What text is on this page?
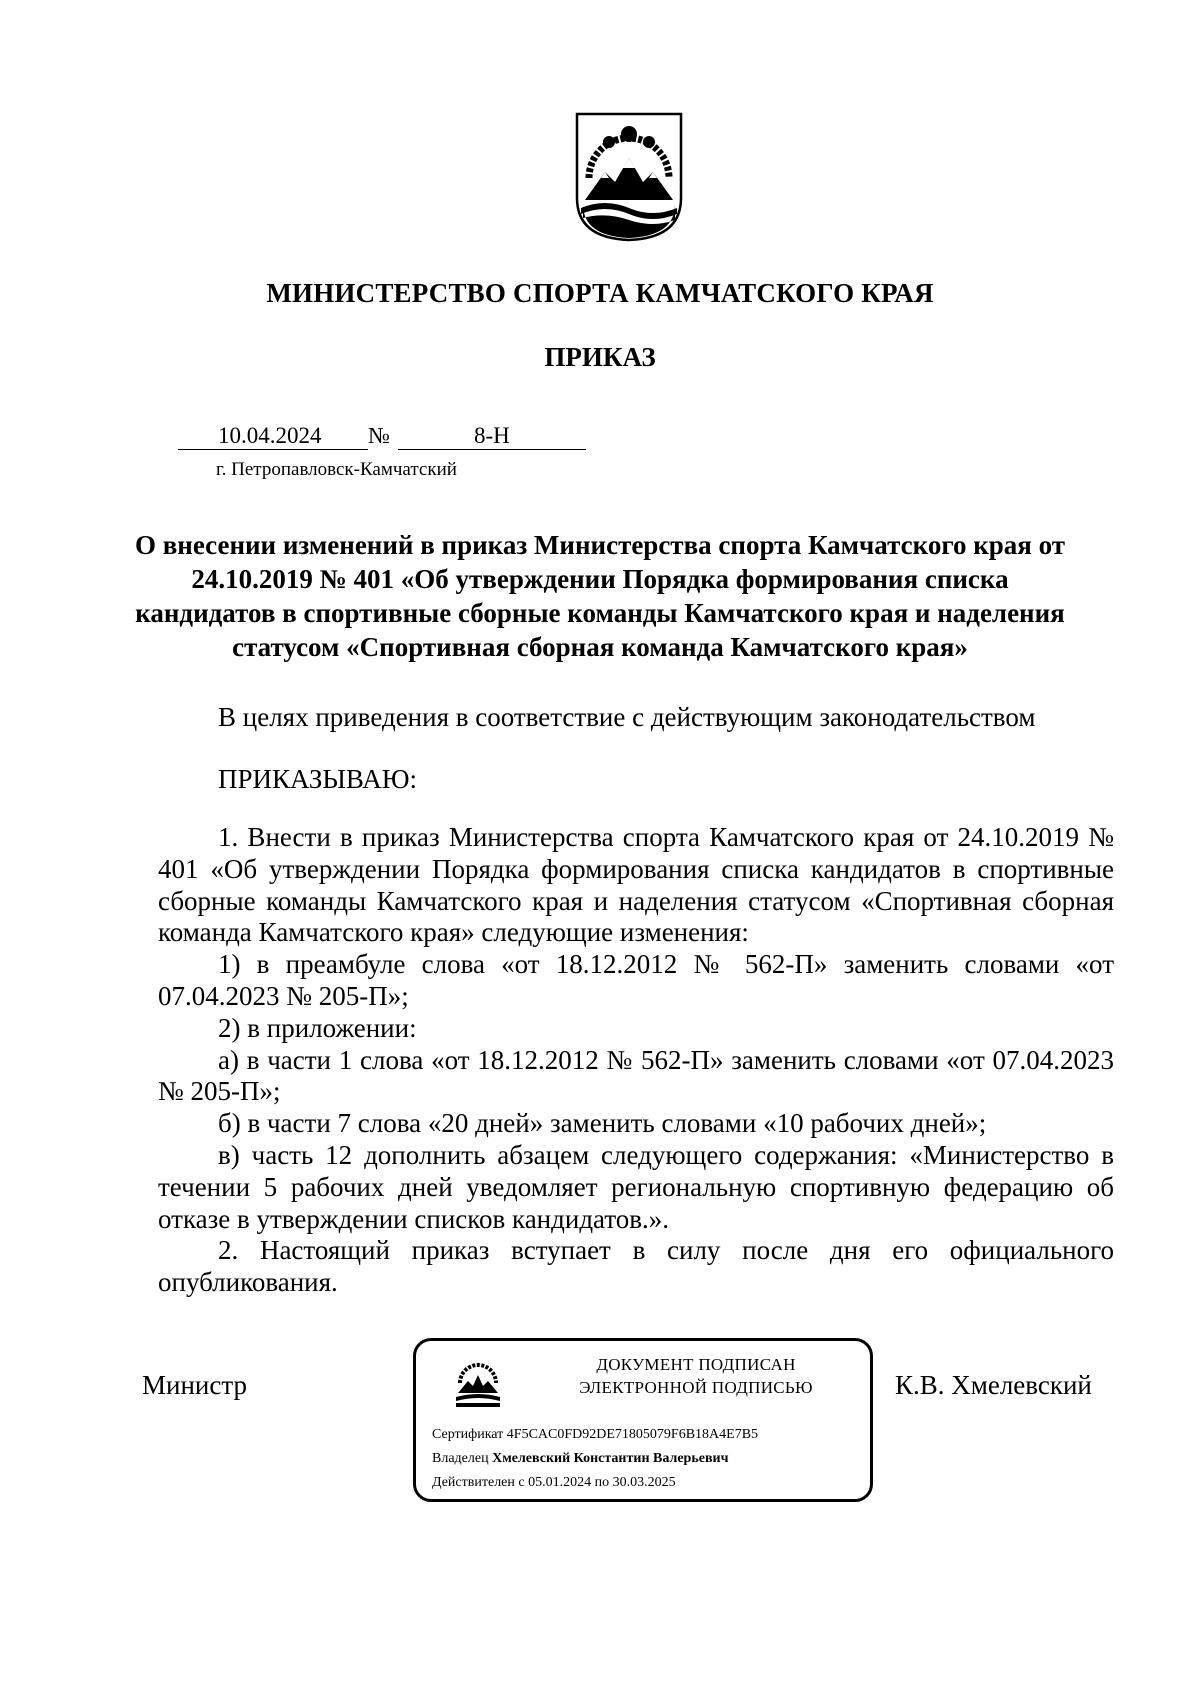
МИНИСТЕРСТВО СПОРТА КАМЧАТСКОГО КРАЯ
ПРИКАЗ
10.04.2024 №	8-Н
г. Петропавловск-Камчатский
О внесении изменений в приказ Министерства спорта Камчатского края от 24.10.2019 № 401 «Об утверждении Порядка формирования списка кандидатов в спортивные сборные команды Камчатского края и наделения статусом «Спортивная сборная команда Камчатского края»
В целях приведения в соответствие с действующим законодательством
ПРИКАЗЫВАЮ:

1. Внести в приказ Министерства спорта Камчатского края от 24.10.2019 № 401 «Об утверждении Порядка формирования списка кандидатов в спортивные сборные команды Камчатского края и наделения статусом «Спортивная сборная команда Камчатского края» следующие изменения:

1) в преамбуле слова «от 18.12.2012 № 562-П» заменить словами «от 07.04.2023 № 205-П»;

2) в приложении:

а) в части 1 слова «от 18.12.2012 № 562-П» заменить словами «от 07.04.2023 № 205-П»;

б) в части 7 слова «20 дней» заменить словами «10 рабочих дней»;

в) часть 12 дополнить абзацем следующего содержания: «Министерство в течении 5 рабочих дней уведомляет региональную спортивную федерацию об отказе в утверждении списков кандидатов.».

2. Настоящий приказ вступает в силу после дня его официального опубликования.

Министр	К.В. Хмелевский
ДОКУМЕНТ ПОДПИСАН
ЭЛЕКТРОННОЙ ПОДПИСЬЮ
Сертификат 4F5CAC0FD92DE71805079F6B18A4E7B5
Владелец Хмелевский Константин Валерьевич
Действителен с 05.01.2024 по 30.03.2025
